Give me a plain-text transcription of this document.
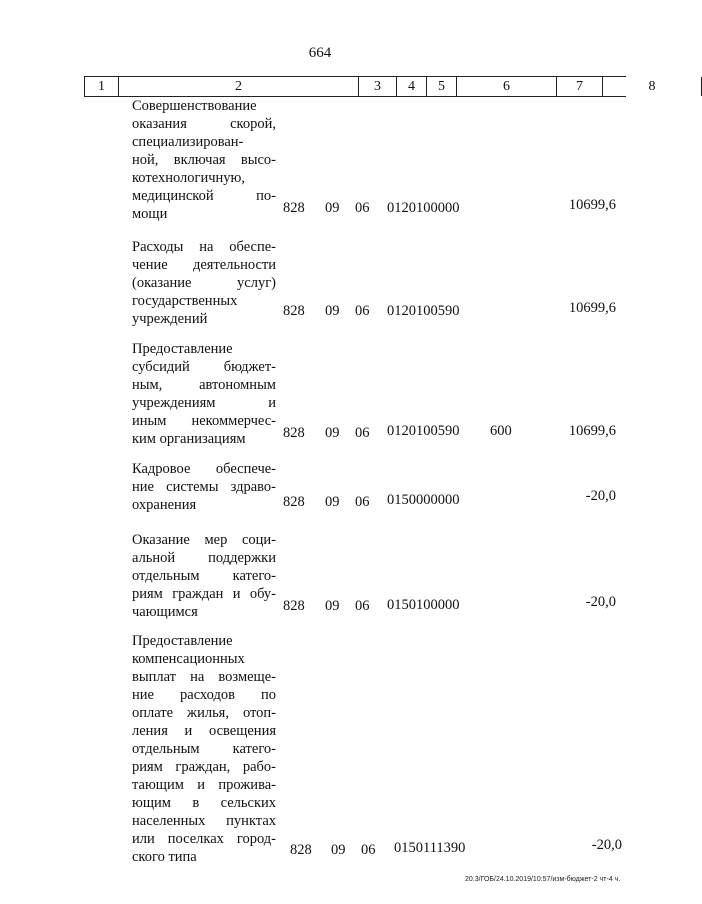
664
1	2	3	4	5	6	7	8
Совершенствование
оказания скорой,
специализирован-
ной, включая высо-
котехнологичную,
медицинской по-
мощи	828 09 06 0120100000	10699,6
Расходы на обеспе-
чение деятельности
(оказание услуг)
государственных
учреждений	828 09 06 0120100590	10699,6
Предоставление
субсидий бюджет-
ным, автономным
учреждениям и
иным некоммерчес-
ким организациям	828 09 06 0120100590 600	10699,6
Кадровое обеспече-
ние системы здраво-
охранения	828 09 06 0150000000	-20,0
Оказание мер соци-
альной поддержки
отдельным катего-
риям граждан и обу-
чающимся	828 09 06 0150100000	-20,0
Предоставление
компенсационных
выплат на возмеще-
ние расходов по
оплате жилья, отоп-
ления и освещения
отдельным катего-
риям граждан, рабо-
тающим и прожива-
ющим в сельских
населенных пунктах
или поселках город-
ского типа	828 09 06 0150111390	-20,0
20.3/ГОБ/24.10.2019/10:57/изм-бюджет-2 чт-4 ч.
